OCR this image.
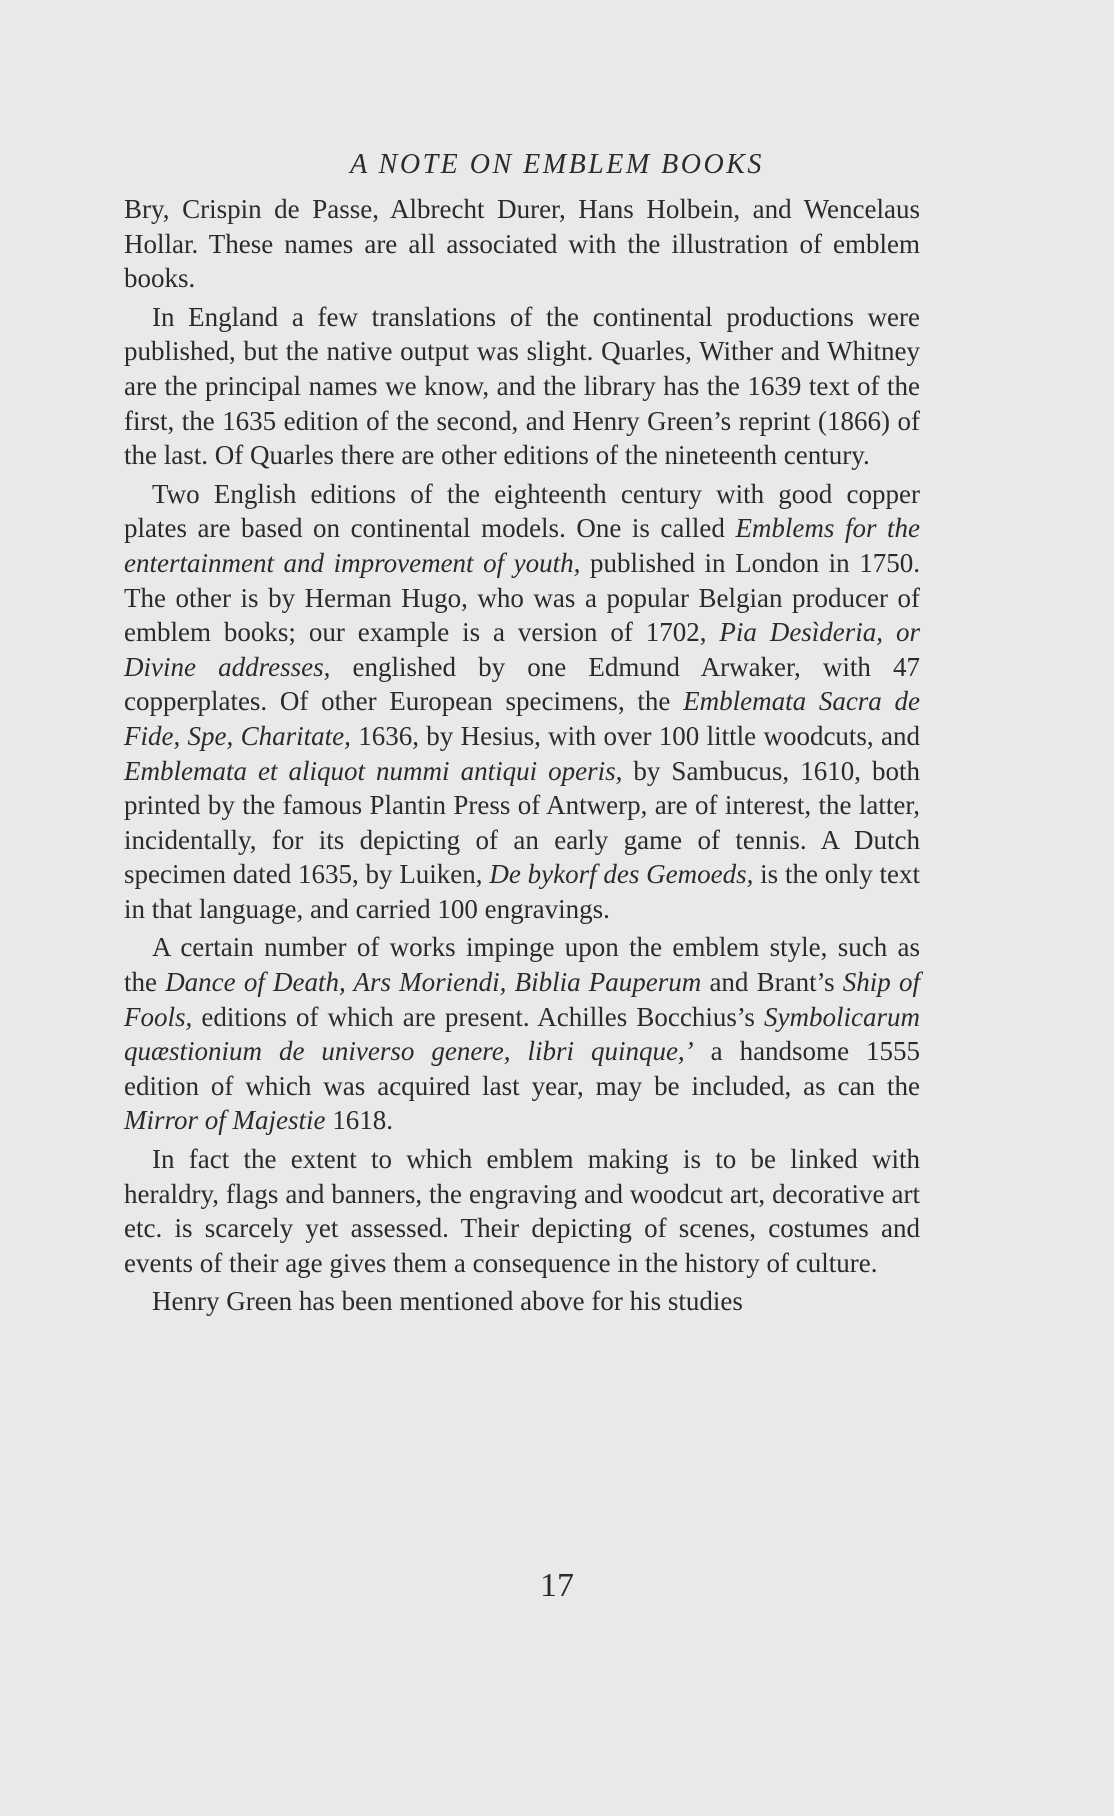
A NOTE ON EMBLEM BOOKS

Bry, Crispin de Passe, Albrecht Durer, Hans Holbein, and Wencelaus Hollar. These names are all associated with the illustration of emblem books.

In England a few translations of the continental productions were published, but the native output was slight. Quarles, Wither and Whitney are the principal names we know, and the library has the 1639 text of the first, the 1635 edition of the second, and Henry Green’s reprint (1866) of the last. Of Quarles there are other editions of the nineteenth century.

Two English editions of the eighteenth century with good copper plates are based on continental models. One is called Emblems for the entertainment and improvement of youth, published in London in 1750. The other is by Herman Hugo, who was a popular Belgian producer of emblem books; our example is a version of 1702, Pia Desìderia, or Divine addresses, englished by one Edmund Arwaker, with 47 copperplates. Of other European specimens, the Emblemata Sacra de Fide, Spe, Charitate, 1636, by Hesius, with over 100 little woodcuts, and Emblemata et aliquot nummi antiqui operis, by Sambucus, 1610, both printed by the famous Plantin Press of Antwerp, are of interest, the latter, incidentally, for its depicting of an early game of tennis. A Dutch specimen dated 1635, by Luiken, De bykorf des Gemoeds, is the only text in that language, and carried 100 engravings.

A certain number of works impinge upon the emblem style, such as the Dance of Death, Ars Moriendi, Biblia Pauperum and Brant’s Ship of Fools, editions of which are present. Achilles Bocchius’s Symbolicarum quæstionium de universo genere, libri quinque,’ a handsome 1555 edition of which was acquired last year, may be included, as can the Mirror of Majestie 1618.

In fact the extent to which emblem making is to be linked with heraldry, flags and banners, the engraving and woodcut art, decorative art etc. is scarcely yet assessed. Their depicting of scenes, costumes and events of their age gives them a consequence in the history of culture.

Henry Green has been mentioned above for his studies

17
